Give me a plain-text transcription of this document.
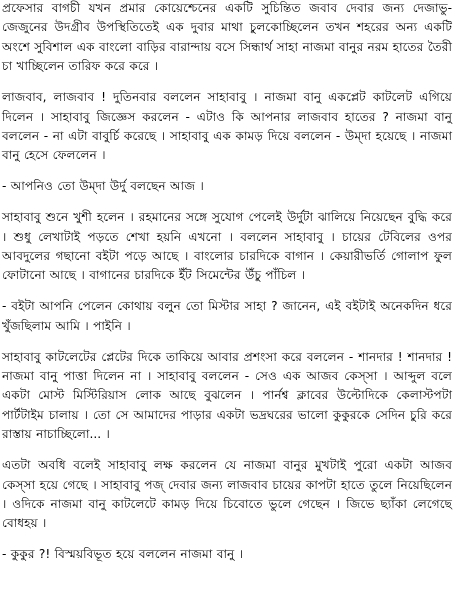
প্রফেসার বাগচী যখন প্রমার কোয়েশ্চেনের একটি সুচিন্তিত জবাব দেবার জন্য দেজাভু-জেজুনের উদগ্রীব উপস্থিতিতেই এক দুবার মাথা চুলকোচ্ছিলেন তখন শহরের অন্য একটি অংশে সুবিশাল এক বাংলো বাড়ির বারান্দায় বসে সিন্ধার্থ সাহা নাজমা বানুর নরম হাতের তৈরী চা খাচ্ছিলেন তারিফ করে করে ।

লাজবাব, লাজবাব ! দুতিনবার বললেন সাহাবাবু । নাজমা বানু একপ্লেট কাটলেট এগিয়ে দিলেন । সাহাবাবু জিজ্ঞেস করলেন - এটাও কি আপনার লাজবাব হাতের ? নাজমা বানু বললেন - না এটা বাবুর্চি করেছে । সাহাবাবু এক কামড় দিয়ে বললেন - উম্‌দা হয়েছে । নাজমা বানু হেসে ফেললেন ।

- আপনিও তো উম্‌দা উর্দু বলছেন আজ ।

সাহাবাবু শুনে খুশী হলেন । রহমানের সঙ্গে সুযোগ পেলেই উর্দুটা ঝালিয়ে নিয়েছেন বুদ্ধি করে । শুধু লেখাটাই পড়তে শেখা হয়নি এখনো । বললেন সাহাবাবু । চায়ের টেবিলের ওপর আবদুলের গছানো বইটা পড়ে আছে । বাংলোর চারদিকে বাগান । কেয়ারীভর্তি গোলাপ ফুল ফোটানো আছে । বাগানের চারদিকে ইঁট সিমেন্টের উঁচু পাঁচিল ।

- বইটা আপনি পেলেন কোথায় বলুন তো মিস্টার সাহা ? জানেন, এই বইটাই অনেকদিন ধরে খুঁজছিলাম আমি । পাইনি ।

সাহাবাবু কাটলেটের প্লেটের দিকে তাকিয়ে আবার প্রশংসা করে বললেন - শানদার ! শানদার ! নাজমা বানু পাত্তা দিলেন না । সাহাবাবু বললেন - সেও এক আজব কেস্সা । আব্দুল বলে একটা মোস্ট মিস্টিরিয়াস লোক আছে বুঝলেন । পার্নশ্ব ক্লাবের উল্টোদিকে কেলাস্টপটা পার্টটাইম চালায় । তো সে আমাদের পাড়ার একটা ভদ্রঘরের ভালো কুকুরকে সেদিন চুরি করে রাস্তায় নাচাচ্ছিলো... ।

এতটা অবধি বলেই সাহাবাবু লক্ষ করলেন যে নাজমা বানুর মুখটাই পুরো একটা আজব কেস্সা হয়ে গেছে । সাহাবাবু পজ্‌ দেবার জন্য লাজবাব চায়ের কাপটা হাতে তুলে নিয়েছিলেন । ওদিকে নাজমা বানু কাটলেটে কামড় দিয়ে চিবোতে ভুলে গেছেন । জিভে ছ্যাঁকা লেগেছে বোধহয় ।

- কুকুর ?! বিস্ময়বিভূত হয়ে বললেন নাজমা বানু ।
